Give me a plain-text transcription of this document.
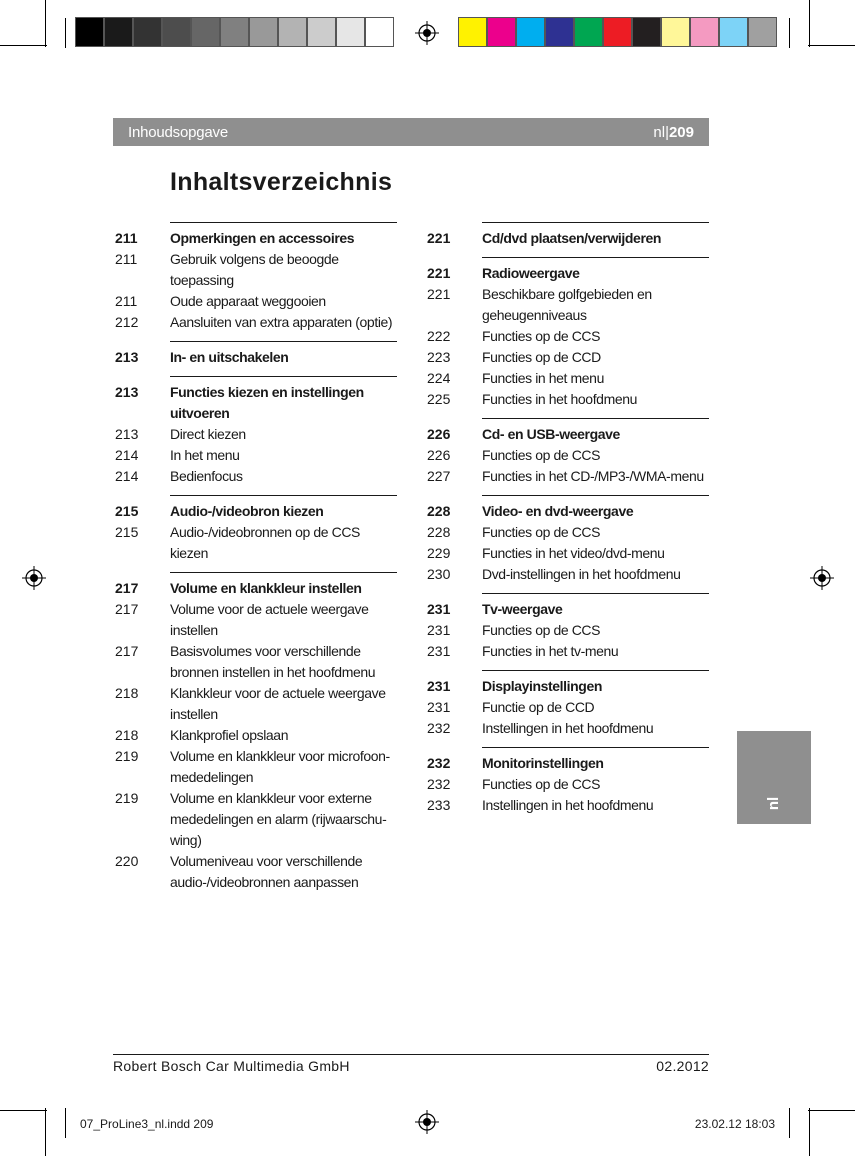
Inhoudsopgave	nl|209
Inhaltsverzeichnis
211	Opmerkingen en accessoires
211	Gebruik volgens de beoogde toepassing
211	Oude apparaat weggooien
212	Aansluiten van extra apparaten (optie)
213	In- en uitschakelen
213	Functies kiezen en instellingen uitvoeren
213	Direct kiezen
214	In het menu
214	Bedienfocus
215	Audio-/videobron kiezen
215	Audio-/videobronnen op de CCS kiezen
217	Volume en klankkleur instellen
217	Volume voor de actuele weergave instellen
217	Basisvolumes voor verschillende bronnen instellen in het hoofdmenu
218	Klankkleur voor de actuele weergave instellen
218	Klankprofiel opslaan
219	Volume en klankkleur voor microfoon-mededelingen
219	Volume en klankkleur voor externe mededelingen en alarm (rijwaarschu-wing)
220	Volumeniveau voor verschillende audio-/videobronnen aanpassen
221	Cd/dvd plaatsen/verwijderen
221	Radioweergave
221	Beschikbare golfgebieden en geheugenniveaus
222	Functies op de CCS
223	Functies op de CCD
224	Functies in het menu
225	Functies in het hoofdmenu
226	Cd- en USB-weergave
226	Functies op de CCS
227	Functies in het CD-/MP3-/WMA-menu
228	Video- en dvd-weergave
228	Functies op de CCS
229	Functies in het video/dvd-menu
230	Dvd-instellingen in het hoofdmenu
231	Tv-weergave
231	Functies op de CCS
231	Functies in het tv-menu
231	Displayinstellingen
231	Functie op de CCD
232	Instellingen in het hoofdmenu
232	Monitorinstellingen
232	Functies op de CCS
233	Instellingen in het hoofdmenu	nl
Robert Bosch Car Multimedia GmbH	02.2012
07_ProLine3_nl.indd 209	23.02.12 18:03
